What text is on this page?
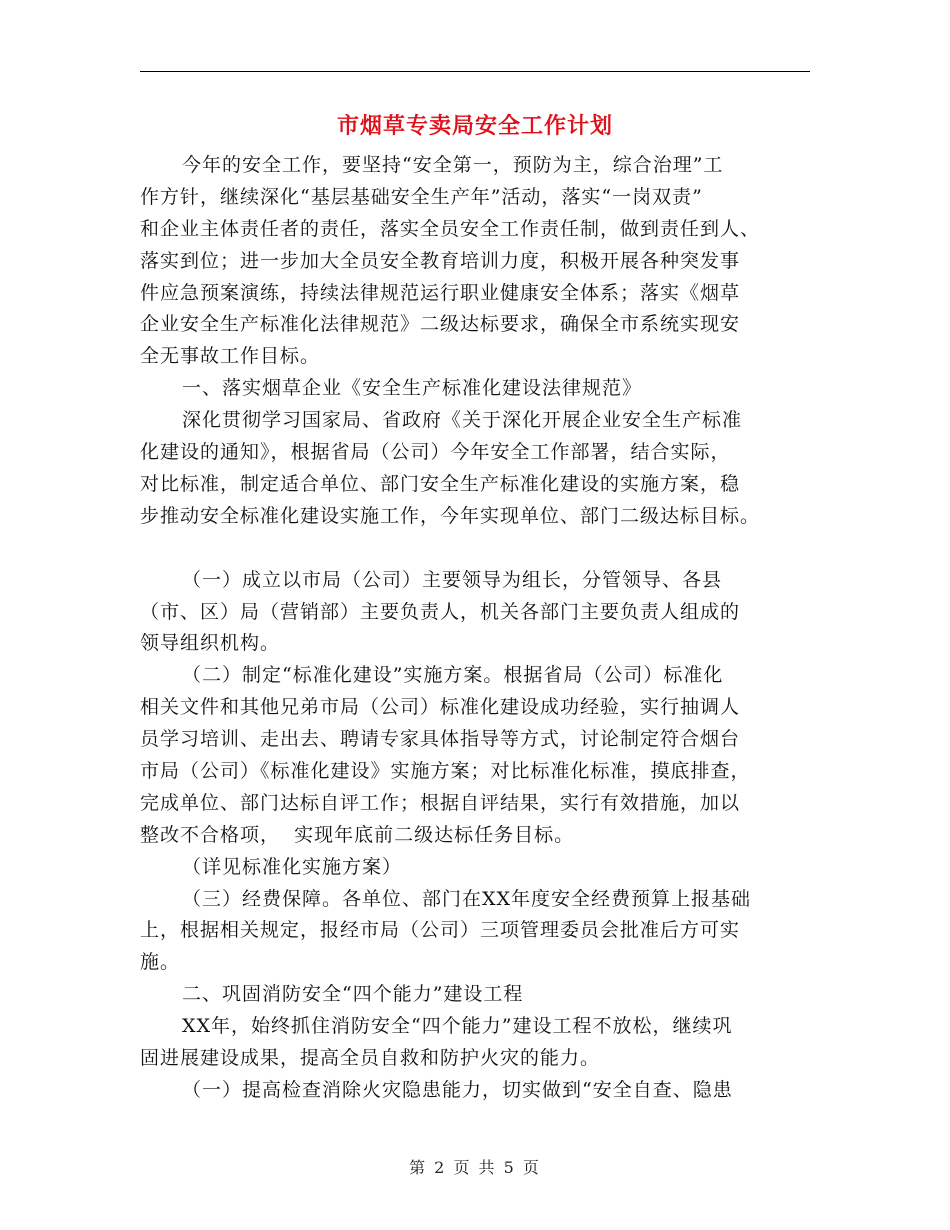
市烟草专卖局安全工作计划
今年的安全工作，要坚持“安全第一，预防为主，综合治理”工
作方针，继续深化“基层基础安全生产年”活动，落实“一岗双责”
和企业主体责任者的责任，落实全员安全工作责任制，做到责任到人、
落实到位；进一步加大全员安全教育培训力度，积极开展各种突发事
件应急预案演练，持续法律规范运行职业健康安全体系；落实《烟草
企业安全生产标准化法律规范》二级达标要求，确保全市系统实现安
全无事故工作目标。
一、落实烟草企业《安全生产标准化建设法律规范》
深化贯彻学习国家局、省政府《关于深化开展企业安全生产标准
化建设的通知》，根据省局（公司）今年安全工作部署，结合实际，
对比标准，制定适合单位、部门安全生产标准化建设的实施方案，稳
步推动安全标准化建设实施工作，今年实现单位、部门二级达标目标。
（一）成立以市局（公司）主要领导为组长，分管领导、各县
（市、区）局（营销部）主要负责人，机关各部门主要负责人组成的
领导组织机构。
（二）制定“标准化建设”实施方案。根据省局（公司）标准化
相关文件和其他兄弟市局（公司）标准化建设成功经验，实行抽调人
员学习培训、走出去、聘请专家具体指导等方式，讨论制定符合烟台
市局（公司）《标准化建设》实施方案；对比标准化标准，摸底排查，
完成单位、部门达标自评工作；根据自评结果，实行有效措施，加以
整改不合格项，  实现年底前二级达标任务目标。
（详见标准化实施方案）
（三）经费保障。各单位、部门在XX年度安全经费预算上报基础
上，根据相关规定，报经市局（公司）三项管理委员会批准后方可实
施。
二、巩固消防安全“四个能力”建设工程
XX年，始终抓住消防安全“四个能力”建设工程不放松，继续巩
固进展建设成果，提高全员自救和防护火灾的能力。
（一）提高检查消除火灾隐患能力，切实做到“安全自查、隐患
第 2 页 共 5 页
